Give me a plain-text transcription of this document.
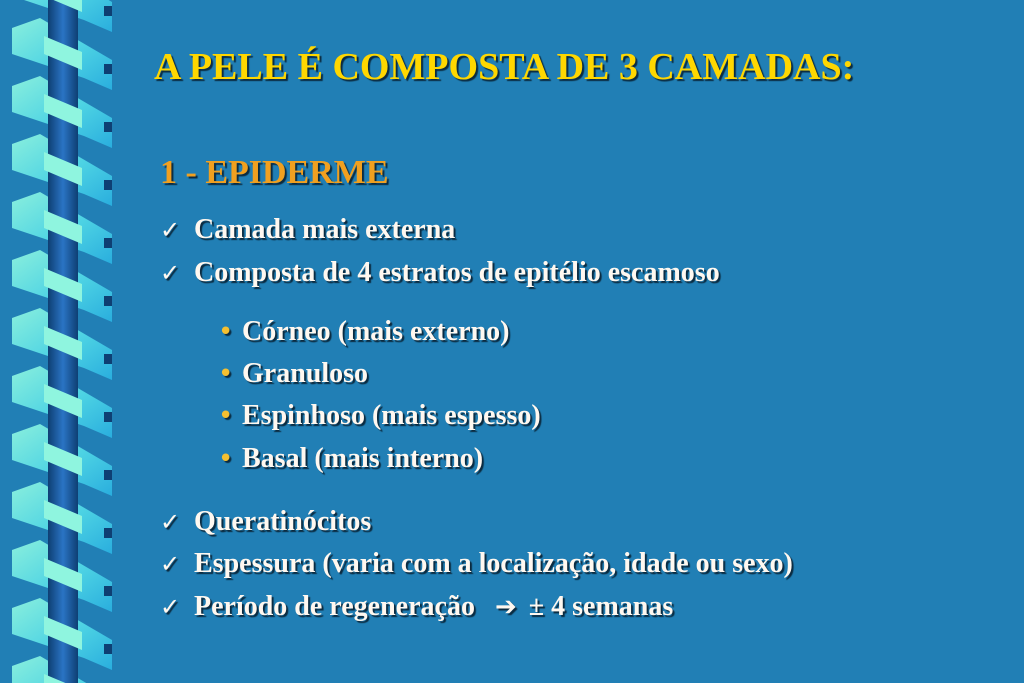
A PELE É COMPOSTA DE 3 CAMADAS:
1 - EPIDERME
✓ Camada mais externa
✓ Composta de 4 estratos de epitélio escamoso
• Córneo (mais externo)
• Granuloso
• Espinhoso (mais espesso)
• Basal (mais interno)
✓ Queratinócitos
✓ Espessura (varia com a localização, idade ou sexo)
✓ Período de regeneração ➔ ± 4 semanas
